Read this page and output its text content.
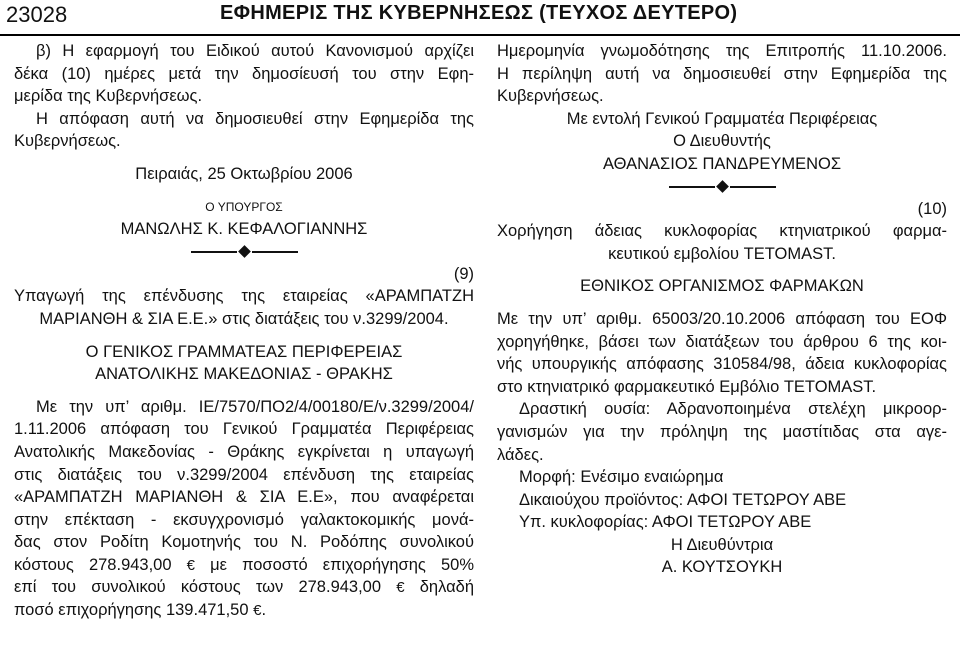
23028	ΕΦΗΜΕΡΙΣ ΤΗΣ ΚΥΒΕΡΝΗΣΕΩΣ (ΤΕΥΧΟΣ ΔΕΥΤΕΡΟ)
β) Η εφαρμογή του Ειδικού αυτού Κανονισμού αρχίζει
δέκα (10) ημέρες μετά την δημοσίευσή του στην Εφη-
μερίδα της Κυβερνήσεως.
Η απόφαση αυτή να δημοσιευθεί στην Εφημερίδα της
Κυβερνήσεως.
Πειραιάς, 25 Οκτωβρίου 2006
Ο ΥΠΟΥΡΓΟΣ
ΜΑΝΩΛΗΣ Κ. ΚΕΦΑΛΟΓΙΑΝΝΗΣ
(9)
Υπαγωγή της επένδυσης της εταιρείας «ΑΡΑΜΠΑΤΖΗ
ΜΑΡΙΑΝΘΗ & ΣΙΑ Ε.Ε.» στις διατάξεις του ν.3299/2004.
Ο ΓΕΝΙΚΟΣ ΓΡΑΜΜΑΤΕΑΣ ΠΕΡΙΦΕΡΕΙΑΣ
ΑΝΑΤΟΛΙΚΗΣ ΜΑΚΕΔΟΝΙΑΣ - ΘΡΑΚΗΣ
Με την υπ’ αριθμ. ΙΕ/7570/ΠΟ2/4/00180/Ε/ν.3299/2004/
1.11.2006 απόφαση του Γενικού Γραμματέα Περιφέρειας
Ανατολικής Μακεδονίας - Θράκης εγκρίνεται η υπαγωγή
στις διατάξεις του ν.3299/2004 επένδυση της εταιρείας
«ΑΡΑΜΠΑΤΖΗ ΜΑΡΙΑΝΘΗ & ΣΙΑ Ε.Ε», που αναφέρεται
στην επέκταση - εκσυγχρονισμό γαλακτοκομικής μονά-
δας στον Ροδίτη Κομοτηνής του Ν. Ροδόπης συνολικού
κόστους 278.943,00 € με ποσοστό επιχορήγησης 50%
επί του συνολικού κόστους των 278.943,00 € δηλαδή
ποσό επιχορήγησης 139.471,50 €.
Ημερομηνία γνωμοδότησης της Επιτροπής 11.10.2006.
Η περίληψη αυτή να δημοσιευθεί στην Εφημερίδα της
Κυβερνήσεως.
Με εντολή Γενικού Γραμματέα Περιφέρειας
Ο Διευθυντής
ΑΘΑΝΑΣΙΟΣ ΠΑΝΔΡΕΥΜΕΝΟΣ
(10)
Χορήγηση άδειας κυκλοφορίας κτηνιατρικού φαρμα-
κευτικού εμβολίου TETOMAST.
ΕΘΝΙΚΟΣ ΟΡΓΑΝΙΣΜΟΣ ΦΑΡΜΑΚΩΝ
Με την υπ’ αριθμ. 65003/20.10.2006 απόφαση του ΕΟΦ
χορηγήθηκε, βάσει των διατάξεων του άρθρου 6 της κοι-
νής υπουργικής απόφασης 310584/98, άδεια κυκλοφορίας
στο κτηνιατρικό φαρμακευτικό Εμβόλιο TETOMAST.
Δραστική ουσία: Αδρανοποιημένα στελέχη μικροορ-
γανισμών για την πρόληψη της μαστίτιδας στα αγε-
λάδες.
Μορφή: Ενέσιμο εναιώρημα
Δικαιούχου προϊόντος: ΑΦΟΙ ΤΕΤΩΡΟΥ ΑΒΕ
Υπ. κυκλοφορίας: ΑΦΟΙ ΤΕΤΩΡΟΥ ΑΒΕ
Η Διευθύντρια
Α. ΚΟΥΤΣΟΥΚΗ
